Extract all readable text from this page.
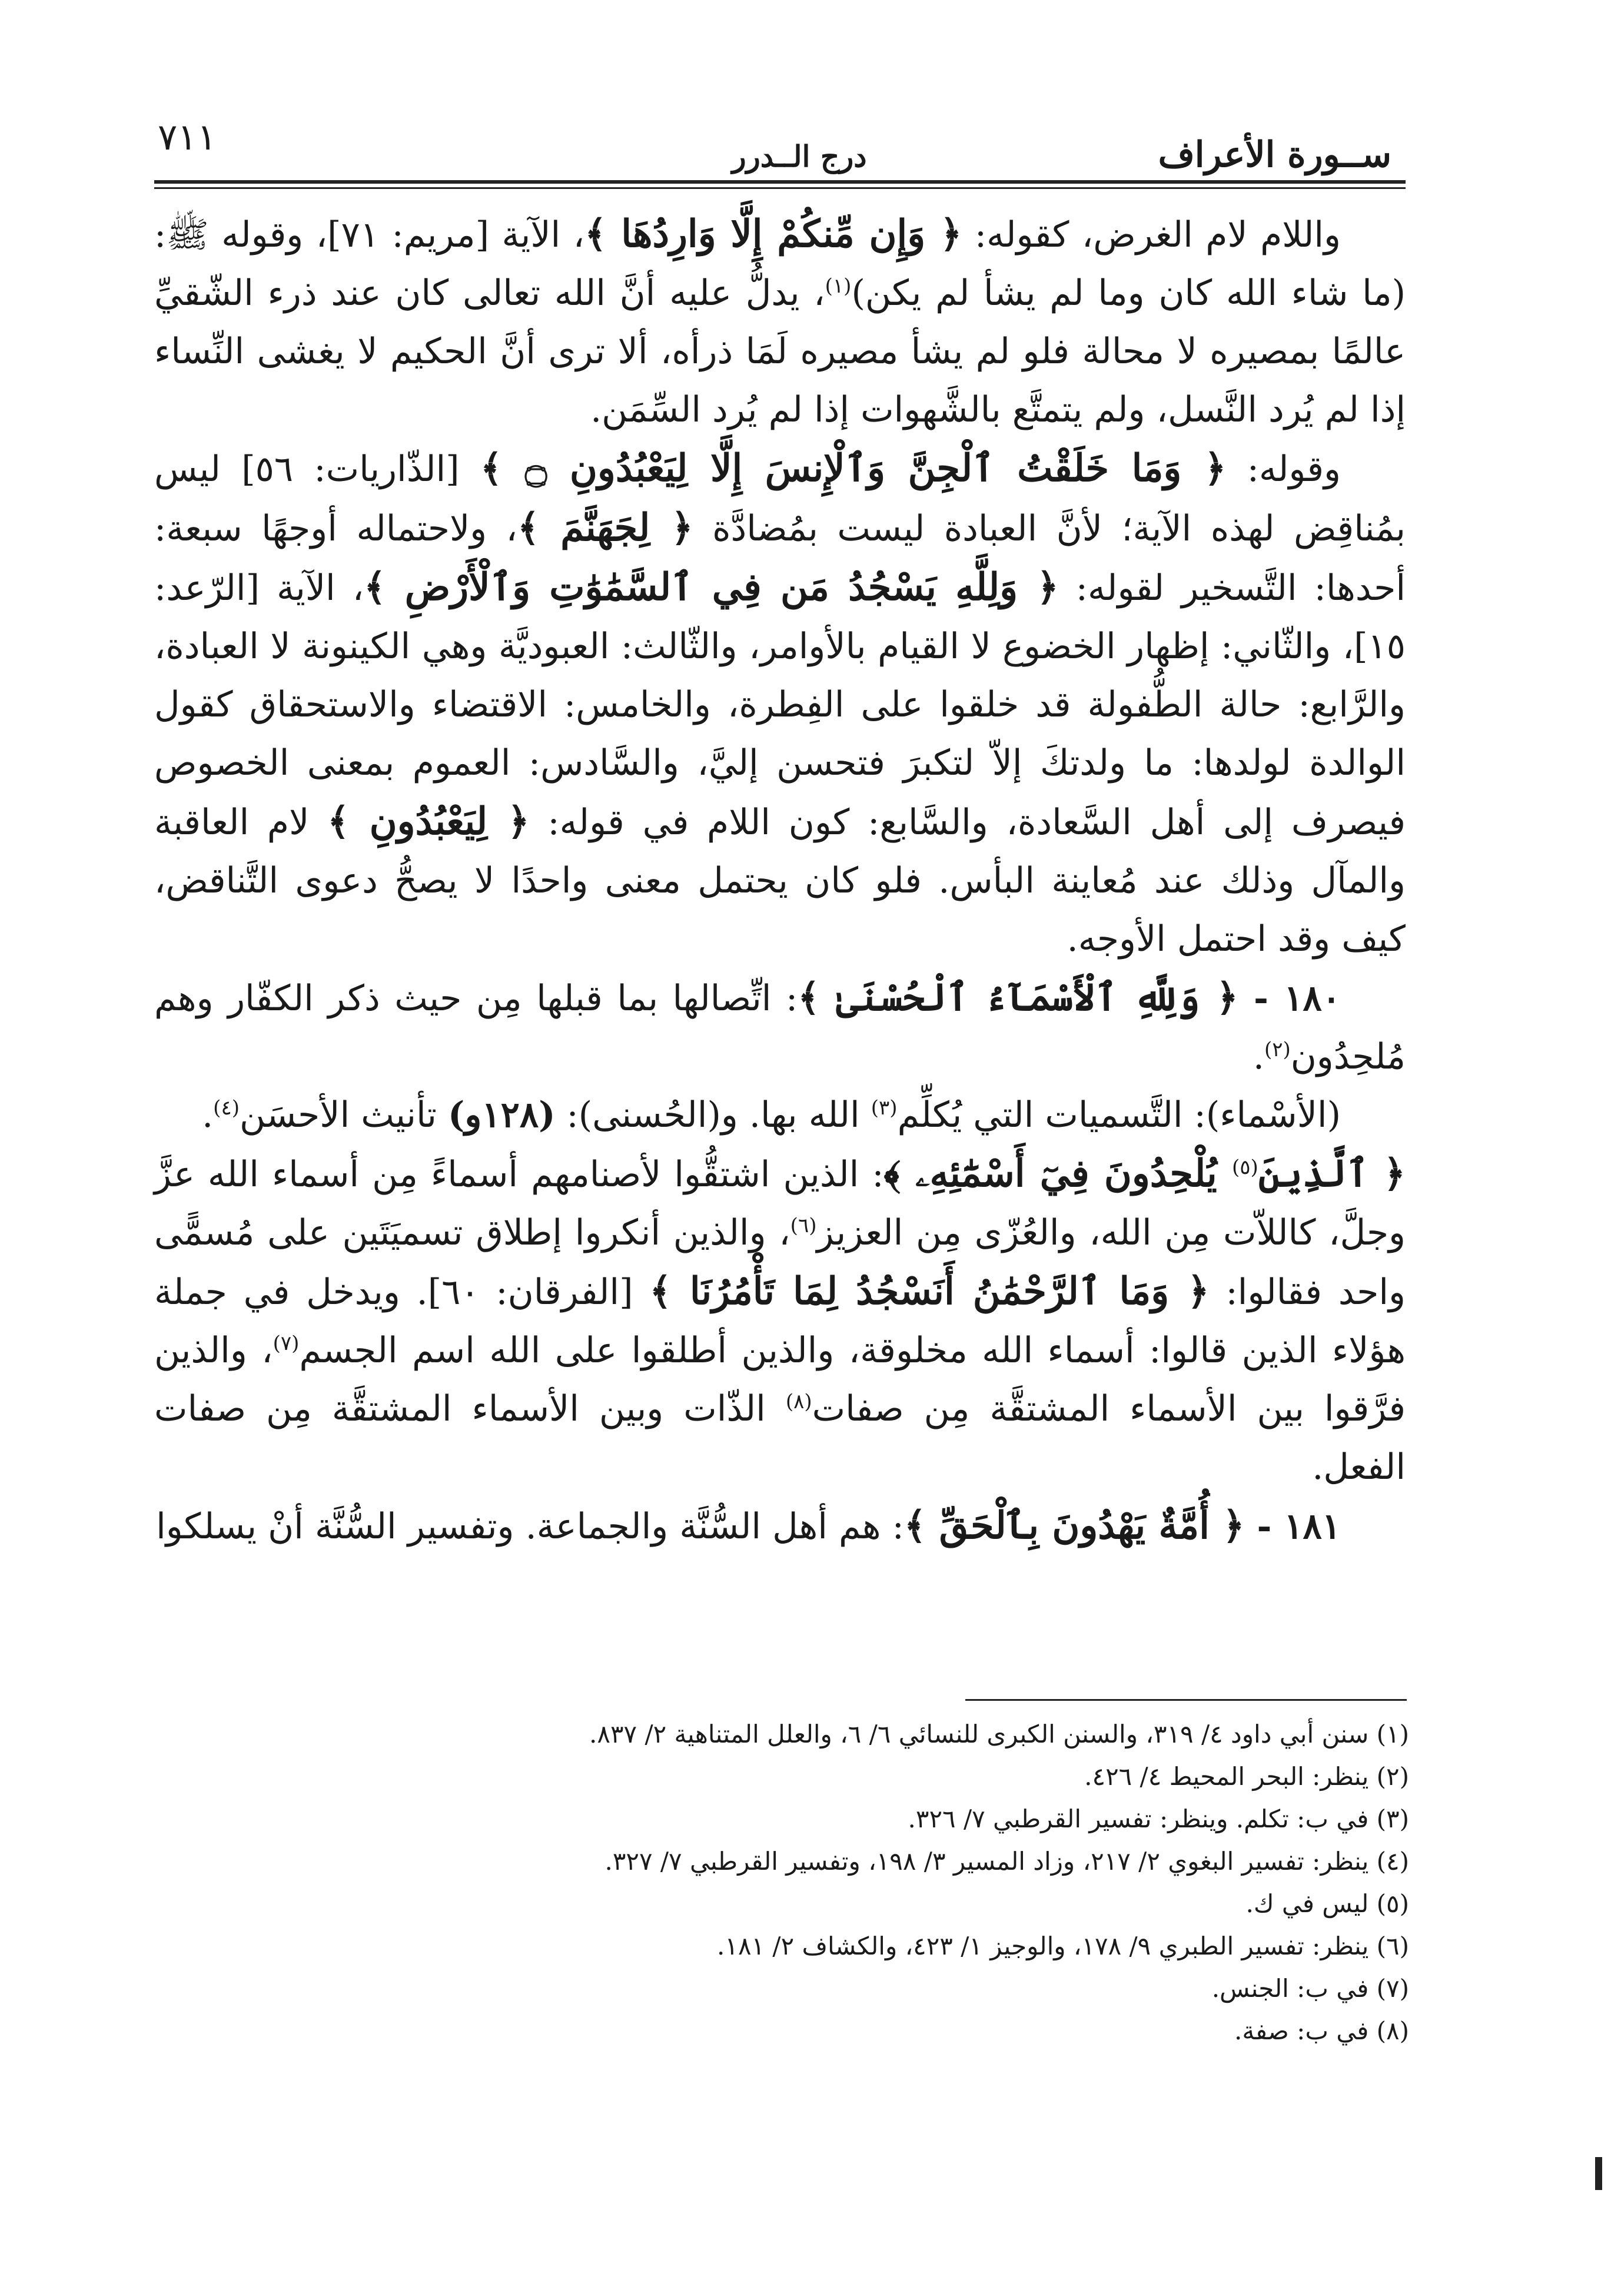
ســورة الأعراف
درج الــدرر
٧١١

واللام لام الغرض، كقوله: ﴿ وَإِن مِّنكُمْ إِلَّا وَارِدُهَا ﴾، الآية [مريم: ٧١]، وقوله ﷺ: (ما شاء الله كان وما لم يشأ لم يكن)$^{(١)}$، يدلُّ عليه أنَّ الله تعالى كان عند ذرء الشّقيِّ عالمًا بمصيره لا محالة فلو لم يشأ مصيره لَمَا ذرأه، ألا ترى أنَّ الحكيم لا يغشى النِّساء إذا لم يُرد النَّسل، ولم يتمتَّع بالشَّهوات إذا لم يُرد السِّمَن.

وقوله: ﴿ وَمَا خَلَقْتُ ٱلْجِنَّ وَٱلْإِنسَ إِلَّا لِيَعْبُدُونِ ۝ ﴾ [الذّاريات: ٥٦] ليس بمُناقِض لهذه الآية؛ لأنَّ العبادة ليست بمُضادَّة ﴿ لِجَهَنَّمَ ﴾، ولاحتماله أوجهًا سبعة: أحدها: التَّسخير لقوله: ﴿ وَلِلَّهِ يَسْجُدُ مَن فِي ٱلسَّمَٰوَٰتِ وَٱلْأَرْضِ ﴾، الآية [الرّعد: ١٥]، والثّاني: إظهار الخضوع لا القيام بالأوامر، والثّالث: العبوديَّة وهي الكينونة لا العبادة، والرَّابع: حالة الطُّفولة قد خلقوا على الفِطرة، والخامس: الاقتضاء والاستحقاق كقول الوالدة لولدها: ما ولدتكَ إلاّ لتكبرَ فتحسن إليَّ، والسَّادس: العموم بمعنى الخصوص فيصرف إلى أهل السَّعادة، والسَّابع: كون اللام في قوله: ﴿ لِيَعْبُدُونِ ﴾ لام العاقبة والمآل وذلك عند مُعاينة البأس. فلو كان يحتمل معنى واحدًا لا يصحُّ دعوى التَّناقض، كيف وقد احتمل الأوجه.

١٨٠ - ﴿ وَلِلَّهِ ٱلْأَسْمَآءُ ٱلْحُسْنَىٰ ﴾: اتِّصالها بما قبلها مِن حيث ذكر الكفّار وهم مُلحِدُون$^{(٢)}$.

(الأسْماء): التَّسميات التي يُكلِّم$^{(٣)}$ الله بها. و(الحُسنى): (١٢٨و) تأنيث الأحسَن$^{(٤)}$.

﴿ ٱلَّذِينَ$^{(٥)}$ يُلْحِدُونَ فِيٓ أَسْمَٰٓئِهِۦ ﴾: الذين اشتقُّوا لأصنامهم أسماءً مِن أسماء الله عزَّ وجلَّ، كاللاّت مِن الله، والعُزّى مِن العزيز$^{(٦)}$، والذين أنكروا إطلاق تسميَتَين على مُسمًّى واحد فقالوا: ﴿ وَمَا ٱلرَّحْمَٰنُ أَنَسْجُدُ لِمَا تَأْمُرُنَا ﴾ [الفرقان: ٦٠]. ويدخل في جملة هؤلاء الذين قالوا: أسماء الله مخلوقة، والذين أطلقوا على الله اسم الجسم$^{(٧)}$، والذين فرَّقوا بين الأسماء المشتقَّة مِن صفات$^{(٨)}$ الذّات وبين الأسماء المشتقَّة مِن صفات الفعل.

١٨١ - ﴿ أُمَّةٌ يَهْدُونَ بِٱلْحَقِّ ﴾: هم أهل السُّنَّة والجماعة. وتفسير السُّنَّة أنْ يسلكوا

(١) سنن أبي داود ٤/ ٣١٩، والسنن الكبرى للنسائي ٦/ ٦، والعلل المتناهية ٢/ ٨٣٧.
(٢) ينظر: البحر المحيط ٤/ ٤٢٦.
(٣) في ب: تكلم. وينظر: تفسير القرطبي ٧/ ٣٢٦.
(٤) ينظر: تفسير البغوي ٢/ ٢١٧، وزاد المسير ٣/ ١٩٨، وتفسير القرطبي ٧/ ٣٢٧.
(٥) ليس في ك.
(٦) ينظر: تفسير الطبري ٩/ ١٧٨، والوجيز ١/ ٤٢٣، والكشاف ٢/ ١٨١.
(٧) في ب: الجنس.
(٨) في ب: صفة.
